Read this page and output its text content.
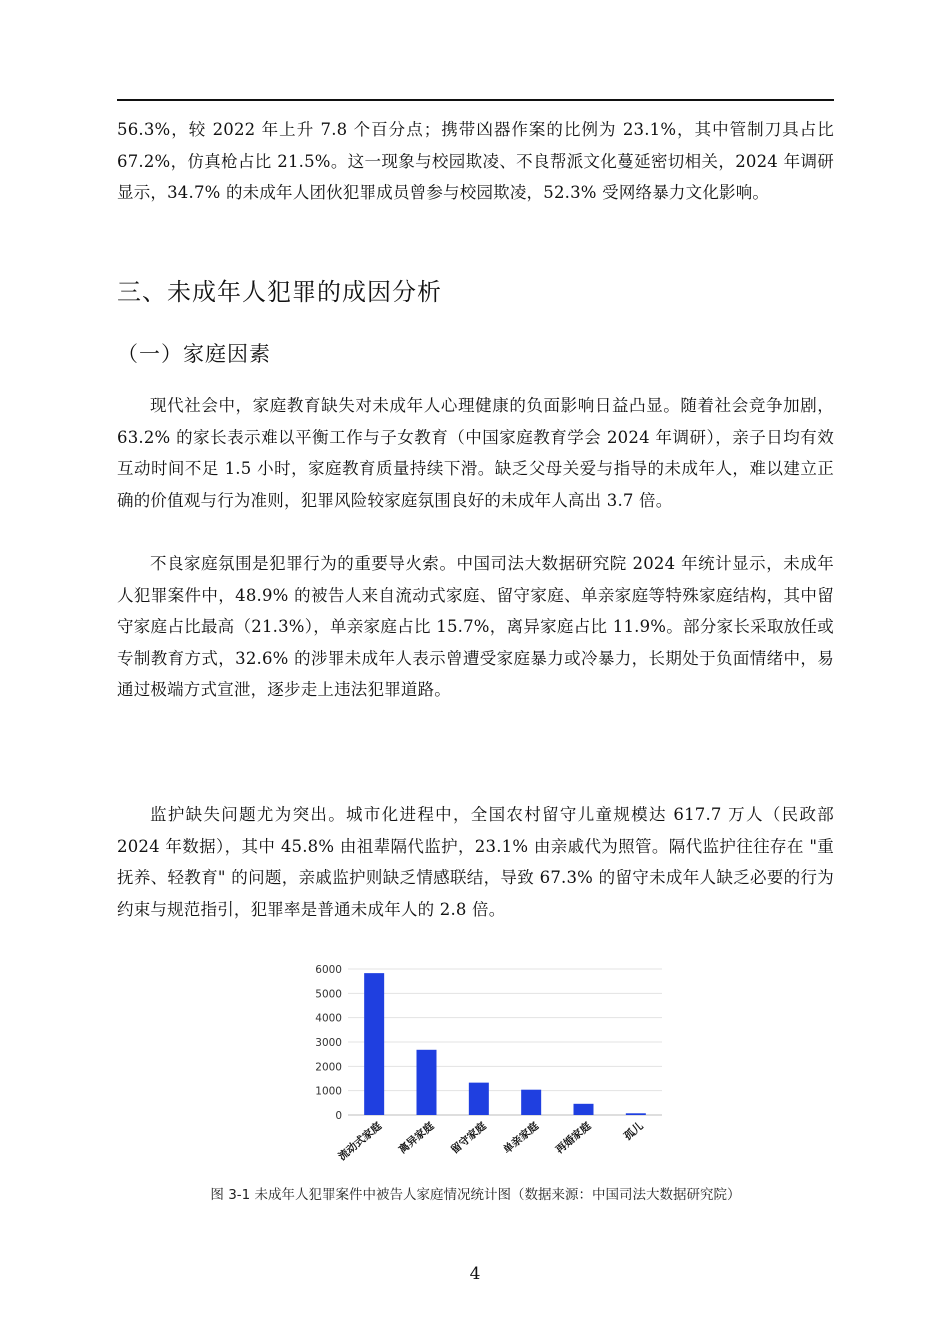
56.3%，较 2022 年上升 7.8 个百分点；携带凶器作案的比例为 23.1%，其中管制刀具占比 67.2%，仿真枪占比 21.5%。这一现象与校园欺凌、不良帮派文化蔓延密切相关，2024 年调研显示，34.7% 的未成年人团伙犯罪成员曾参与校园欺凌，52.3% 受网络暴力文化影响。

三、未成年人犯罪的成因分析
（一）家庭因素

现代社会中，家庭教育缺失对未成年人心理健康的负面影响日益凸显。随着社会竞争加剧，63.2% 的家长表示难以平衡工作与子女教育（中国家庭教育学会 2024 年调研），亲子日均有效互动时间不足 1.5 小时，家庭教育质量持续下滑。缺乏父母关爱与指导的未成年人，难以建立正确的价值观与行为准则，犯罪风险较家庭氛围良好的未成年人高出 3.7 倍。

不良家庭氛围是犯罪行为的重要导火索。中国司法大数据研究院 2024 年统计显示，未成年人犯罪案件中，48.9% 的被告人来自流动式家庭、留守家庭、单亲家庭等特殊家庭结构，其中留守家庭占比最高（21.3%），单亲家庭占比 15.7%，离异家庭占比 11.9%。部分家长采取放任或专制教育方式，32.6% 的涉罪未成年人表示曾遭受家庭暴力或冷暴力，长期处于负面情绪中，易通过极端方式宣泄，逐步走上违法犯罪道路。

监护缺失问题尤为突出。城市化进程中，全国农村留守儿童规模达 617.7 万人（民政部 2024 年数据），其中 45.8% 由祖辈隔代监护，23.1% 由亲戚代为照管。隔代监护往往存在 "重抚养、轻教育" 的问题，亲戚监护则缺乏情感联结，导致 67.3% 的留守未成年人缺乏必要的行为约束与规范指引，犯罪率是普通未成年人的 2.8 倍。

0
1000
2000
3000
4000
5000
6000
流动式家庭 离异家庭 留守家庭 单亲家庭 再婚家庭	孤儿
图 3-1 未成年人犯罪案件中被告人家庭情况统计图（数据来源：中国司法大数据研究院）
4
